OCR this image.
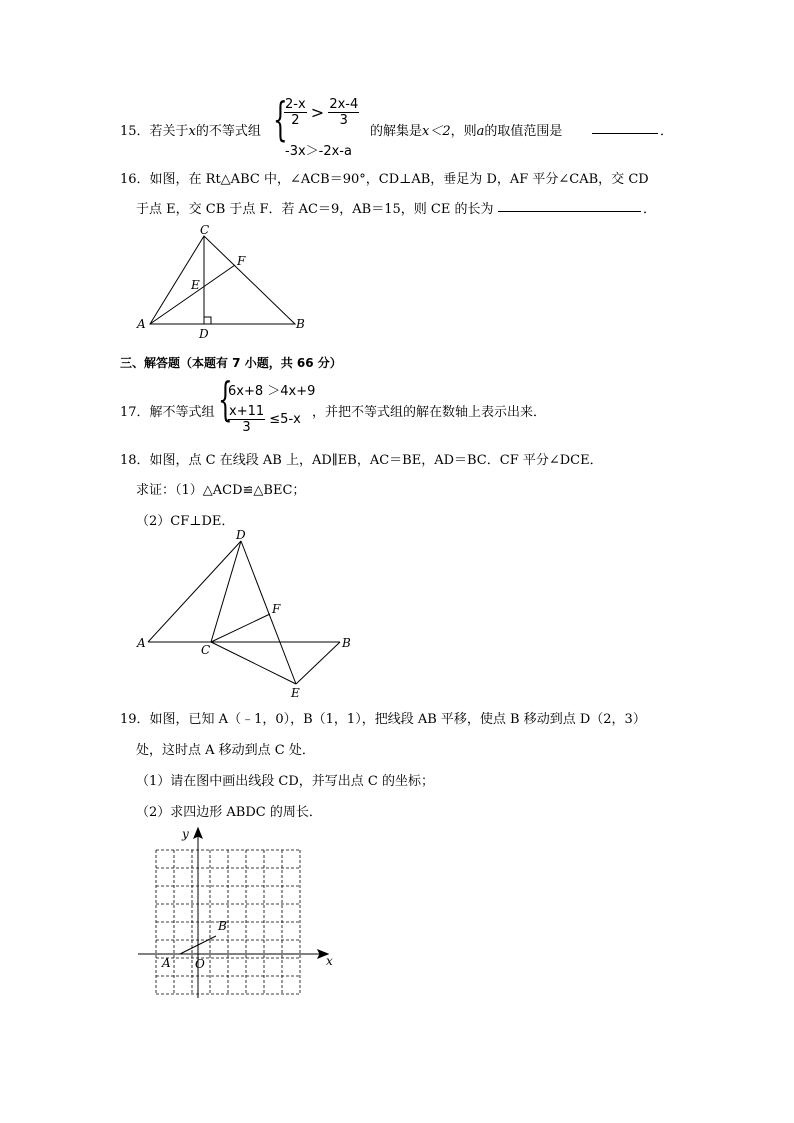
15．若关于x的不等式组 {
$\frac{2-x}{2} > \frac{2x-4}{3}$
-3x＞-2x-a
的解集是x＜2，则a的取值范围是	．
16．如图，在 Rt△ABC 中，∠ACB＝90°，CD⊥AB，垂足为 D，AF 平分∠CAB，交 CD
于点 E，交 CB 于点 F．若 AC＝9，AB＝15，则 CE 的长为	．
C
F
E
A
D
B
三、解答题（本题有 7 小题，共 66 分）
17．解不等式组 {
6x+8 ＞4x+9
$\frac{x+11}{3} \le 5-x$ ，并把不等式组的解在数轴上表示出来．
18．如图，点 C 在线段 AB 上，AD∥EB，AC＝BE，AD＝BC．CF 平分∠DCE．
求证：（1）△ACD≌△BEC；
（2）CF⊥DE．
D
F
A	C	B
E
19．如图，已知 A（﹣1，0），B（1，1），把线段 AB 平移，使点 B 移动到点 D（2，3）
处，这时点 A 移动到点 C 处．
（1）请在图中画出线段 CD，并写出点 C 的坐标；
（2）求四边形 ABDC 的周长．
y
x
A O
B
